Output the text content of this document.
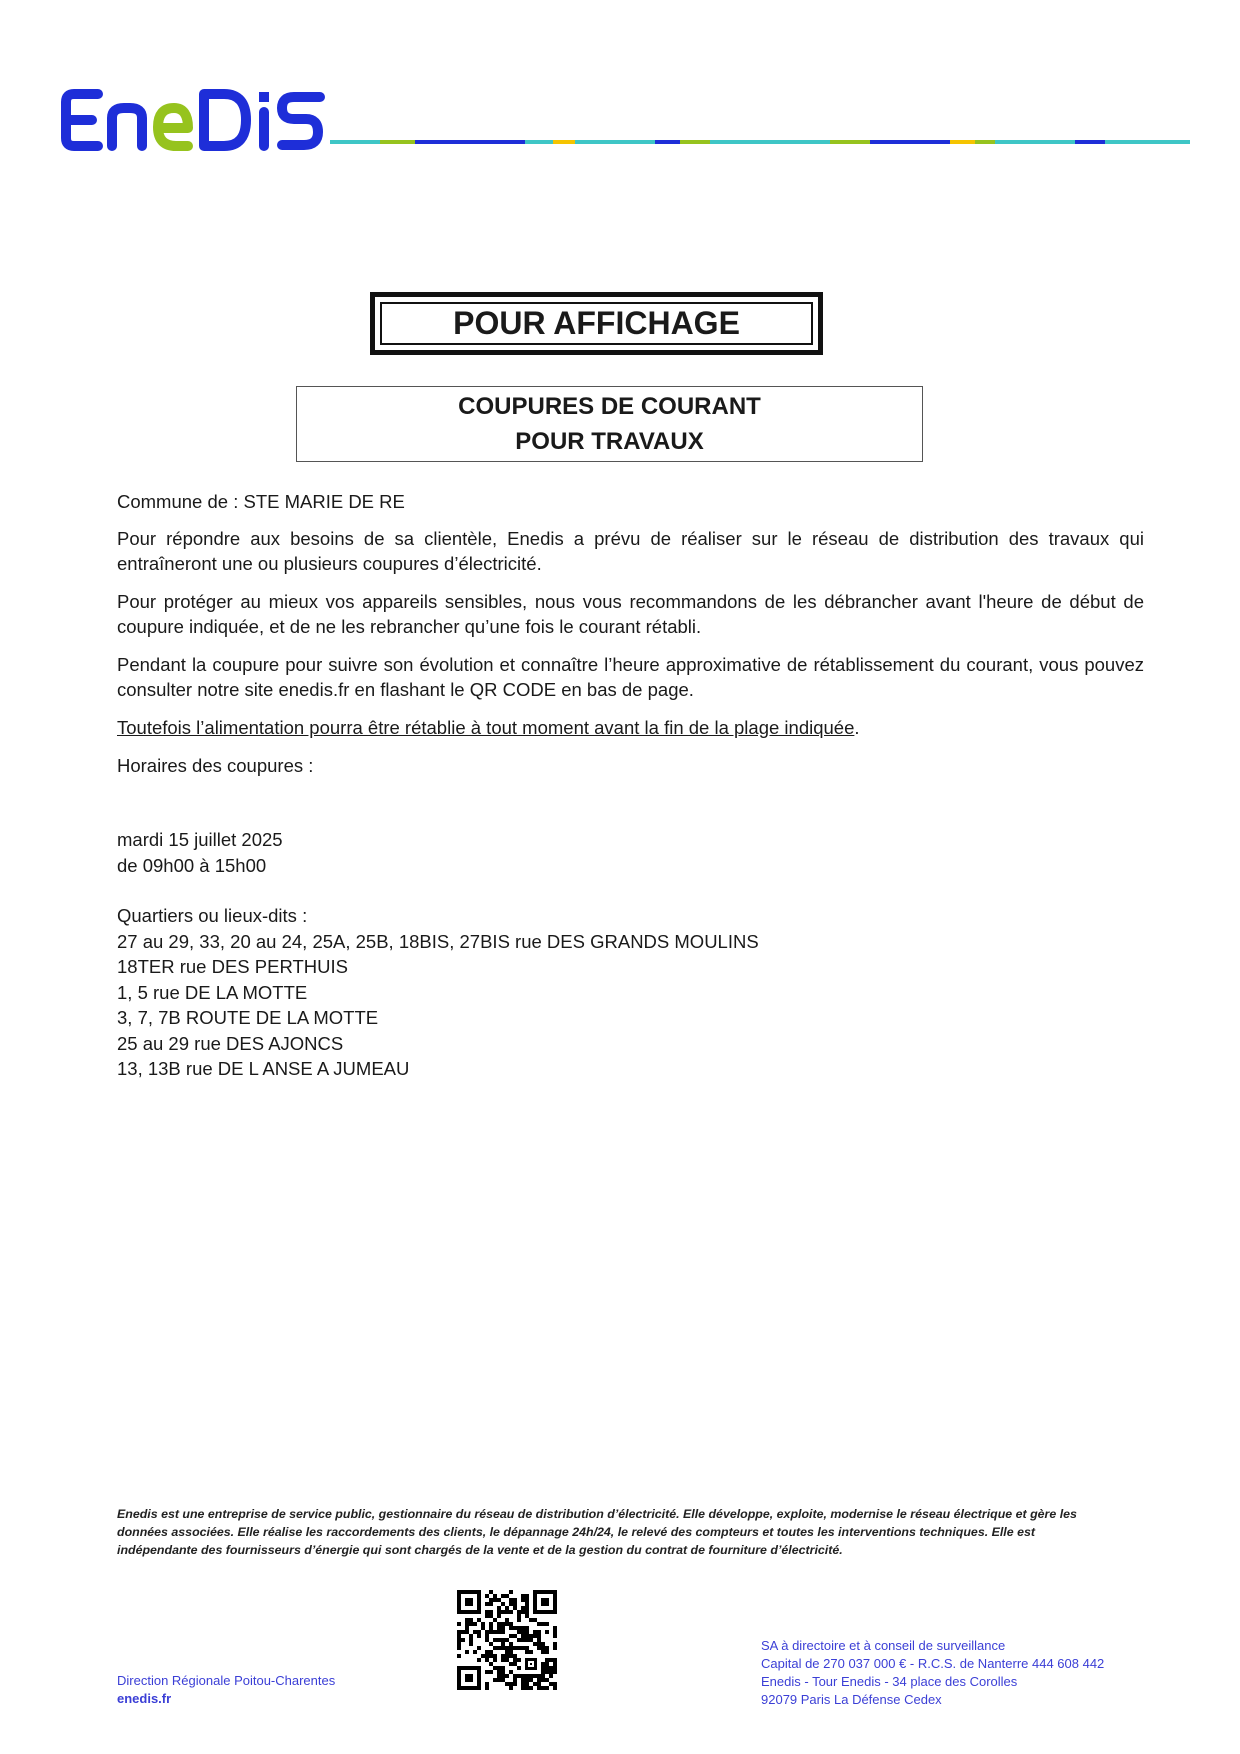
POUR AFFICHAGE
COUPURES DE COURANT
POUR TRAVAUX
Commune de : STE MARIE DE RE
Pour répondre aux besoins de sa clientèle, Enedis a prévu de réaliser sur le réseau de distribution des travaux qui entraîneront une ou plusieurs coupures d’électricité.
Pour protéger au mieux vos appareils sensibles, nous vous recommandons de les débrancher avant l'heure de début de coupure indiquée, et de ne les rebrancher qu’une fois le courant rétabli.
Pendant la coupure pour suivre son évolution et connaître l’heure approximative de rétablissement du courant, vous pouvez consulter notre site enedis.fr en flashant le QR CODE en bas de page.
Toutefois l’alimentation pourra être rétablie à tout moment avant la fin de la plage indiquée.
Horaires des coupures :
mardi 15 juillet 2025
de 09h00 à 15h00
Quartiers ou lieux-dits :
27 au 29, 33, 20 au 24, 25A, 25B, 18BIS, 27BIS rue DES GRANDS MOULINS
18TER rue DES PERTHUIS
1, 5 rue DE LA MOTTE
3, 7, 7B ROUTE DE LA MOTTE
25 au 29 rue DES AJONCS
13, 13B rue DE L ANSE A JUMEAU
Enedis est une entreprise de service public, gestionnaire du réseau de distribution d’électricité. Elle développe, exploite, modernise le réseau électrique et gère les données associées. Elle réalise les raccordements des clients, le dépannage 24h/24, le relevé des compteurs et toutes les interventions techniques. Elle est indépendante des fournisseurs d’énergie qui sont chargés de la vente et de la gestion du contrat de fourniture d’électricité.
Direction Régionale Poitou-Charentes
enedis.fr
SA à directoire et à conseil de surveillance
Capital de 270 037 000 € - R.C.S. de Nanterre 444 608 442
Enedis - Tour Enedis - 34 place des Corolles
92079 Paris La Défense Cedex
